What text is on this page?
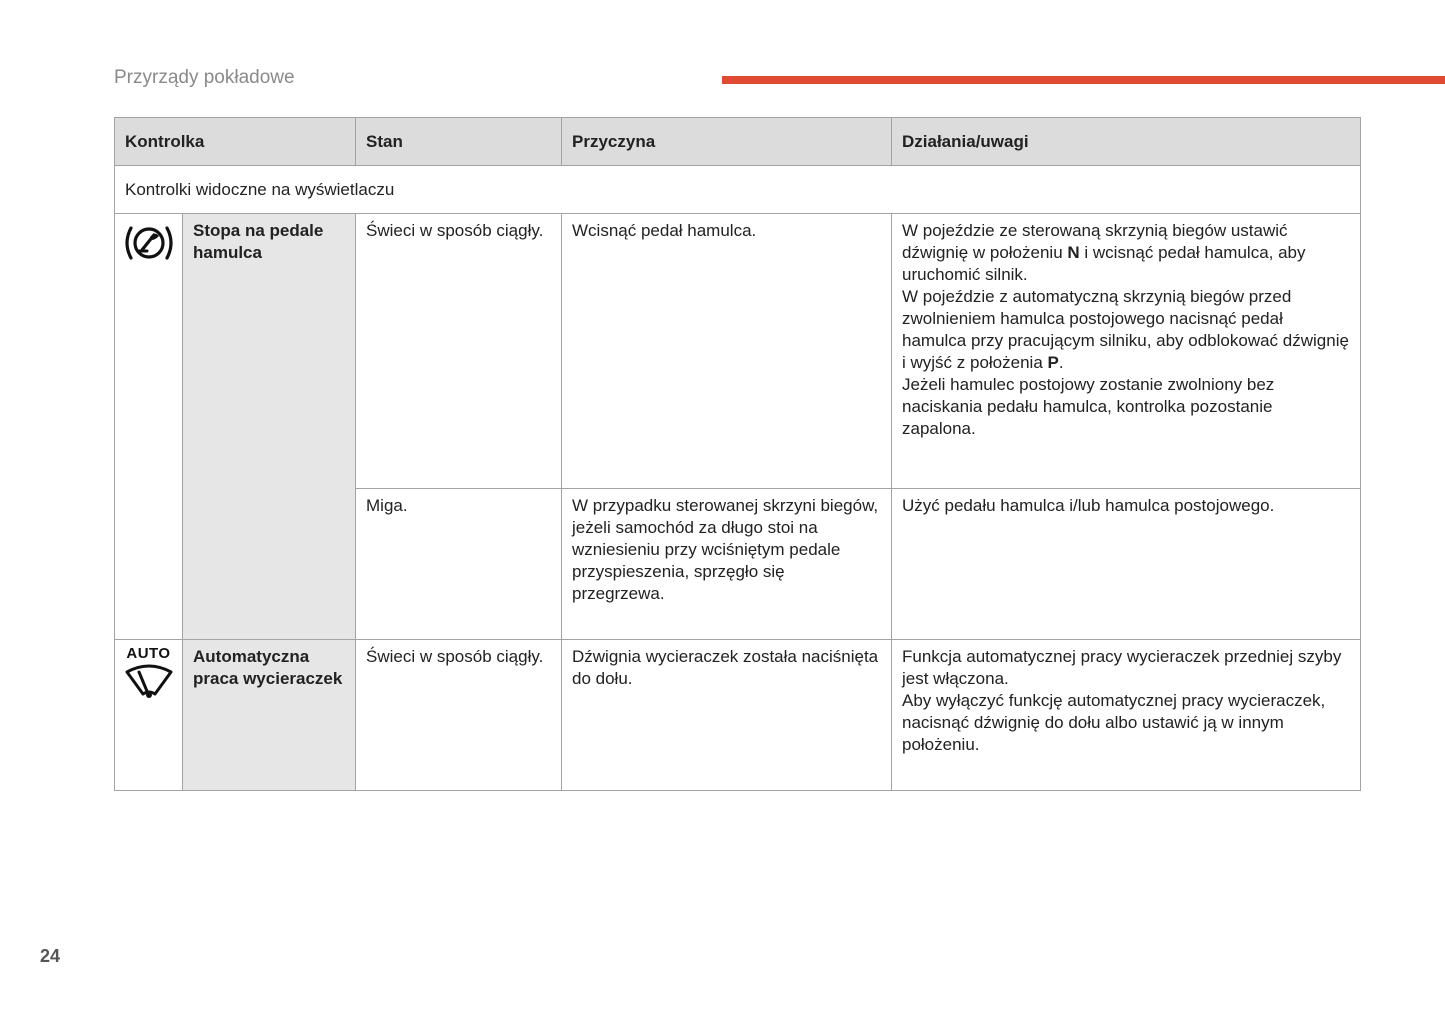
Przyrządy pokładowe
Kontrolka		Stan	Przyczyna	Działania/uwagi
Kontrolki widoczne na wyświetlaczu				
	Stopa na pedale hamulca	Świeci w sposób ciągły.	Wcisnąć pedał hamulca.	W pojeździe ze sterowaną skrzynią biegów ustawić dźwignię w położeniu N i wcisnąć pedał hamulca, aby uruchomić silnik.
W pojeździe z automatyczną skrzynią biegów przed zwolnieniem hamulca postojowego nacisnąć pedał hamulca przy pracującym silniku, aby odblokować dźwignię i wyjść z położenia P.
Jeżeli hamulec postojowy zostanie zwolniony bez naciskania pedału hamulca, kontrolka pozostanie zapalona.

		Miga.	W przypadku sterowanej skrzyni biegów, jeżeli samochód za długo stoi na wzniesieniu przy wciśniętym pedale przyspieszenia, sprzęgło się przegrzewa.	Użyć pedału hamulca i/lub hamulca postojowego.

AUTO	Automatyczna praca wycieraczek	Świeci w sposób ciągły.	Dźwignia wycieraczek została naciśnięta do dołu.	Funkcja automatycznej pracy wycieraczek przedniej szyby jest włączona.
Aby wyłączyć funkcję automatycznej pracy wycieraczek, nacisnąć dźwignię do dołu albo ustawić ją w innym położeniu.
24
